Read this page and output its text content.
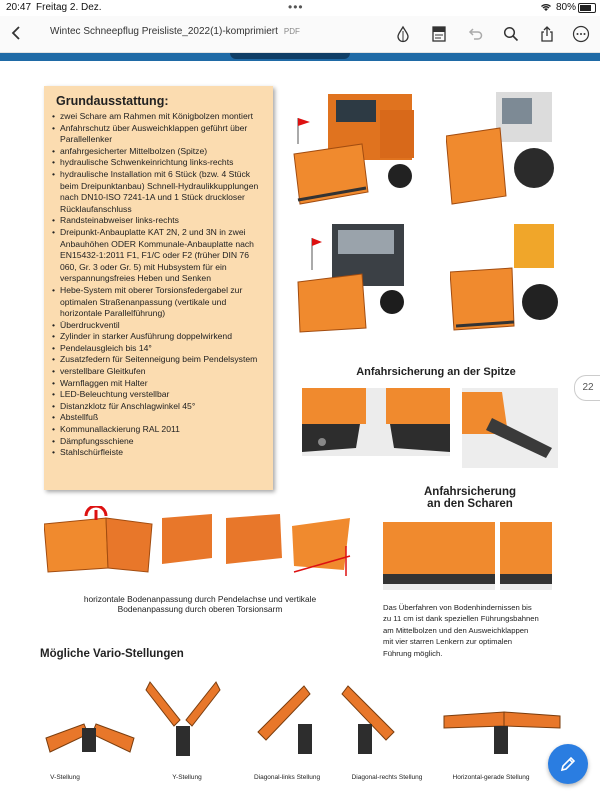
20:47 Freitag 2. Dez.	•••	80%
Wintec Schneepflug Preisliste_2022(1)-komprimiert PDF
Grundausstattung:
• zwei Schare am Rahmen mit Königbolzen montiert
• Anfahrschutz über Ausweichklappen geführt über Parallellenker
• anfahrgesicherter Mittelbolzen (Spitze)
• hydraulische Schwenkeinrichtung links-rechts
• hydraulische Installation mit 6 Stück (bzw. 4 Stück beim Dreipunktanbau) Schnell-Hydraulikkupplungen nach DN10-ISO 7241-1A und 1 Stück druckloser Rücklaufanschluss
• Randsteinabweiser links-rechts
• Dreipunkt-Anbauplatte KAT 2N, 2 und 3N in zwei Anbauhöhen ODER Kommunale-Anbauplatte nach EN15432-1:2011 F1, F1/C oder F2 (früher DIN 76 060, Gr. 3 oder Gr. 5) mit Hubsystem für ein verspannungsfreies Heben und Senken
• Hebe-System mit oberer Torsionsfedergabel zur optimalen Straßenanpassung (vertikale und horizontale Parallelführung)
• Überdruckventil
• Zylinder in starker Ausführung doppelwirkend
• Pendelausgleich bis 14°
• Zusatzfedern für Seitenneigung beim Pendelsystem
• verstellbare Gleitkufen
• Warnflaggen mit Halter
• LED-Beleuchtung verstellbar
• Distanzklotz für Anschlagwinkel 45°
• Abstellfuß
• Kommunallackierung RAL 2011
• Dämpfungsschiene
• Stahlschürfleiste
Anfahrsicherung an der Spitze
Anfahrsicherung
an den Scharen
Das Überfahren von Bodenhindernissen bis
zu 11 cm ist dank speziellen Führungsbahnen
am Mittelbolzen und den Ausweichklappen
mit vier starren Lenkern zur optimalen
Führung möglich.
horizontale Bodenanpassung durch Pendelachse und vertikale
Bodenanpassung durch oberen Torsionsarm
Mögliche Vario-Stellungen
V-Stellung	Y-Stellung	Diagonal-links Stellung	Diagonal-rechts Stellung	Horizontal-gerade Stellung
22
